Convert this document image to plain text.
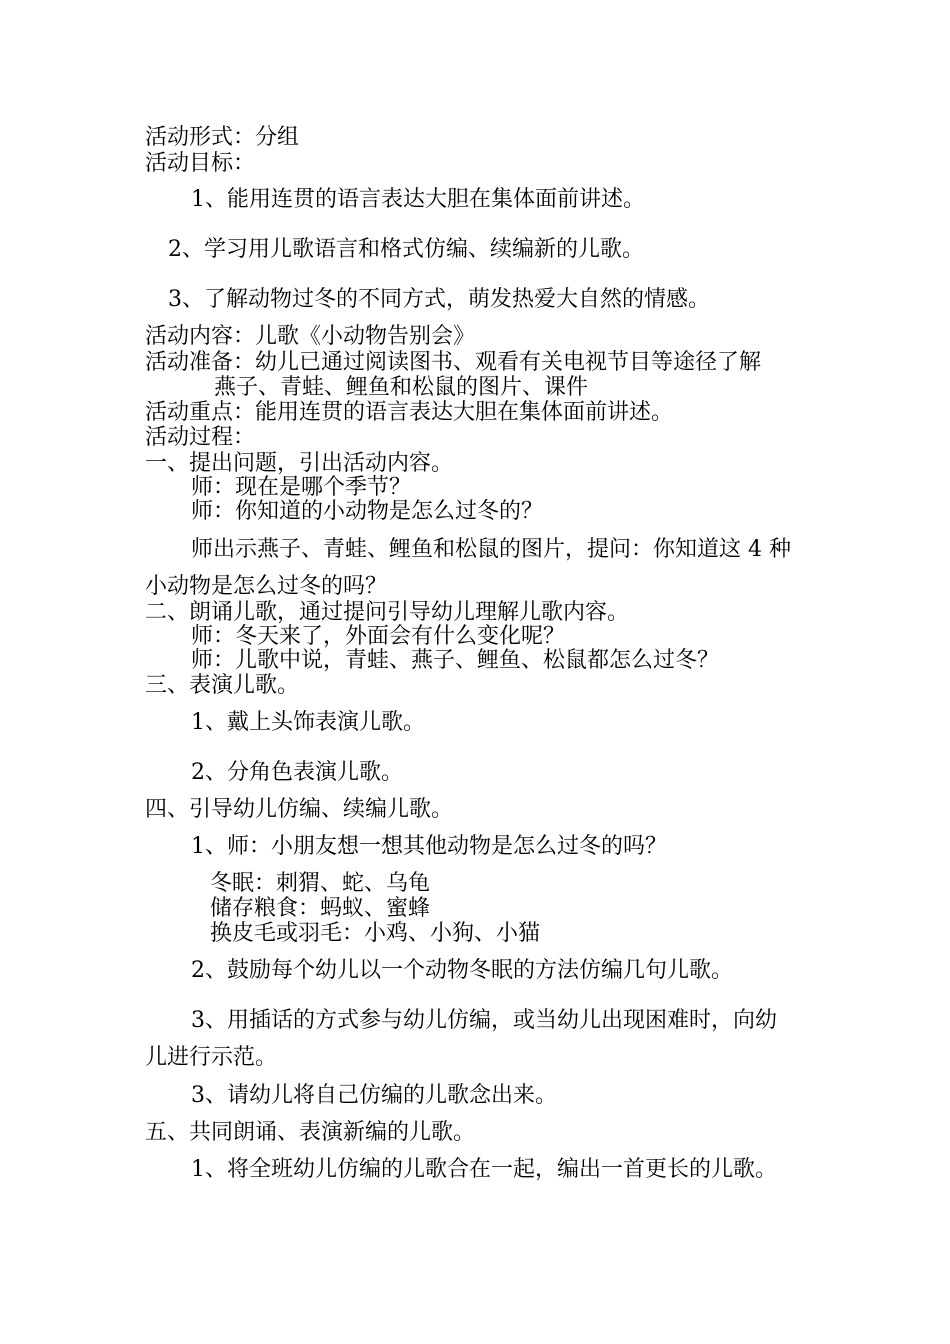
活动形式：分组

活动目标：

1、能用连贯的语言表达大胆在集体面前讲述。

2、学习用儿歌语言和格式仿编、续编新的儿歌。

3、了解动物过冬的不同方式，萌发热爱大自然的情感。

活动内容：儿歌《小动物告别会》

活动准备：幼儿已通过阅读图书、观看有关电视节目等途径了解

燕子、青蛙、鲤鱼和松鼠的图片、课件

活动重点：能用连贯的语言表达大胆在集体面前讲述。

活动过程：

一、提出问题，引出活动内容。

师：现在是哪个季节？

师：你知道的小动物是怎么过冬的？

师出示燕子、青蛙、鲤鱼和松鼠的图片，提问：你知道这 4 种

小动物是怎么过冬的吗？

二、朗诵儿歌，通过提问引导幼儿理解儿歌内容。

师：冬天来了，外面会有什么变化呢？

师：儿歌中说，青蛙、燕子、鲤鱼、松鼠都怎么过冬？

三、表演儿歌。

1、戴上头饰表演儿歌。

2、分角色表演儿歌。

四、引导幼儿仿编、续编儿歌。

1、师：小朋友想一想其他动物是怎么过冬的吗？

冬眠：刺猬、蛇、乌龟

储存粮食：蚂蚁、蜜蜂

换皮毛或羽毛：小鸡、小狗、小猫

2、鼓励每个幼儿以一个动物冬眠的方法仿编几句儿歌。

3、用插话的方式参与幼儿仿编，或当幼儿出现困难时，向幼

儿进行示范。

3、请幼儿将自己仿编的儿歌念出来。

五、共同朗诵、表演新编的儿歌。

1、将全班幼儿仿编的儿歌合在一起，编出一首更长的儿歌。
